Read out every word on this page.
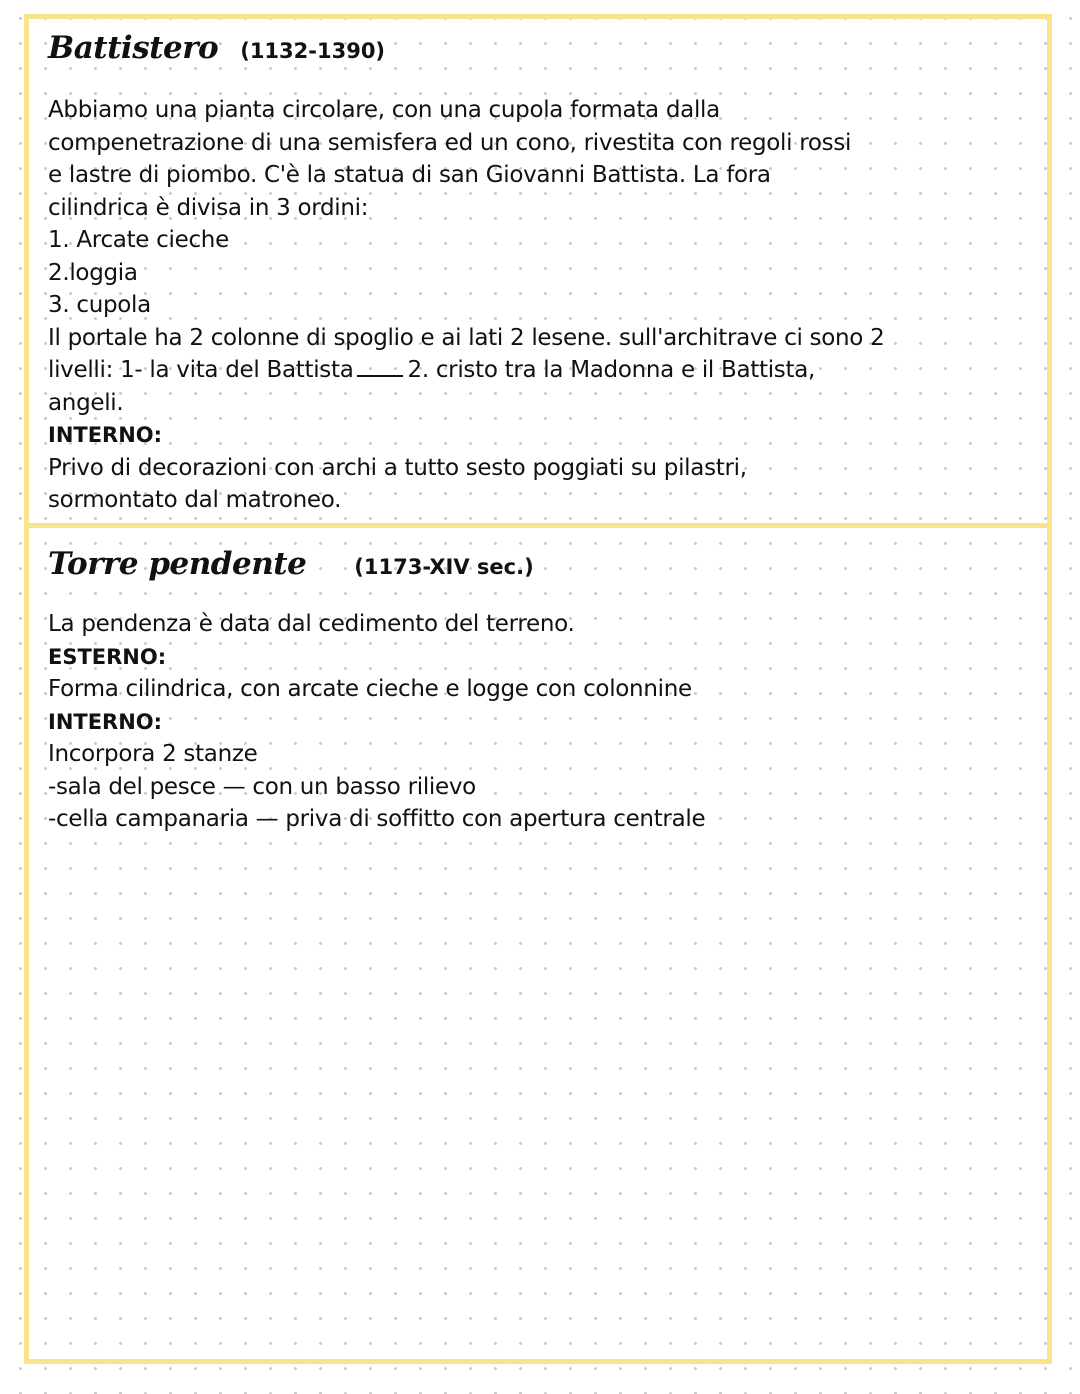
Battistero (1132-1390)
Abbiamo una pianta circolare, con una cupola formata dalla
compenetrazione di una semisfera ed un cono, rivestita con regoli rossi
e lastre di piombo. C'è la statua di san Giovanni Battista. La fora
cilindrica è divisa in 3 ordini:
1. Arcate cieche
2.loggia
3. cupola
Il portale ha 2 colonne di spoglio e ai lati 2 lesene. sull'architrave ci sono 2
livelli: 1- la vita del Battista 2. cristo tra la Madonna e il Battista,
angeli.
INTERNO:
Privo di decorazioni con archi a tutto sesto poggiati su pilastri,
sormontato dal matroneo.
Torre pendente (1173-XIV sec.)
La pendenza è data dal cedimento del terreno.
ESTERNO:
Forma cilindrica, con arcate cieche e logge con colonnine
INTERNO:
Incorpora 2 stanze
-sala del pesce — con un basso rilievo
-cella campanaria — priva di soffitto con apertura centrale
